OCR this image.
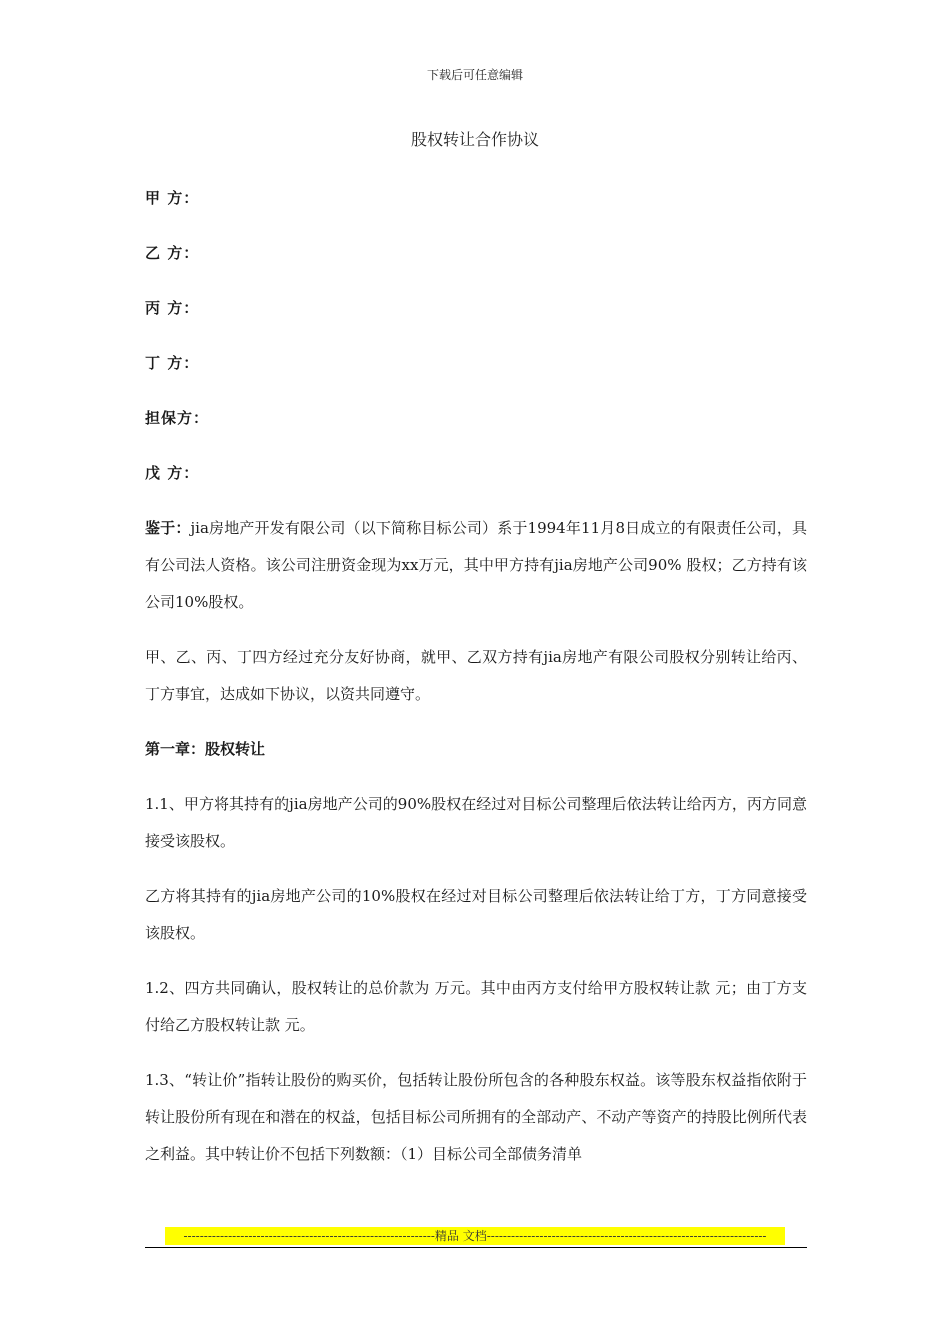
下载后可任意编辑
股权转让合作协议
甲 方：
乙 方：
丙 方：
丁 方：
担保方：
戊 方：

鉴于：jia房地产开发有限公司（以下简称目标公司）系于1994年11月8日成立的有限责任公司，具有公司法人资格。该公司注册资金现为xx万元，其中甲方持有jia房地产公司90% 股权；乙方持有该公司10%股权。

甲、乙、丙、丁四方经过充分友好协商，就甲、乙双方持有jia房地产有限公司股权分别转让给丙、丁方事宜，达成如下协议，以资共同遵守。

第一章：股权转让

1.1、甲方将其持有的jia房地产公司的90%股权在经过对目标公司整理后依法转让给丙方，丙方同意接受该股权。

乙方将其持有的jia房地产公司的10%股权在经过对目标公司整理后依法转让给丁方，丁方同意接受该股权。

1.2、四方共同确认，股权转让的总价款为 万元。其中由丙方支付给甲方股权转让款 元；由丁方支付给乙方股权转让款 元。

1.3、“转让价”指转让股份的购买价，包括转让股份所包含的各种股东权益。该等股东权益指依附于转让股份所有现在和潜在的权益，包括目标公司所拥有的全部动产、不动产等资产的持股比例所代表之利益。其中转让价不包括下列数额：（1）目标公司全部债务清单

--------------------------------------------------------------精品 文档---------------------------------------------------------------------
